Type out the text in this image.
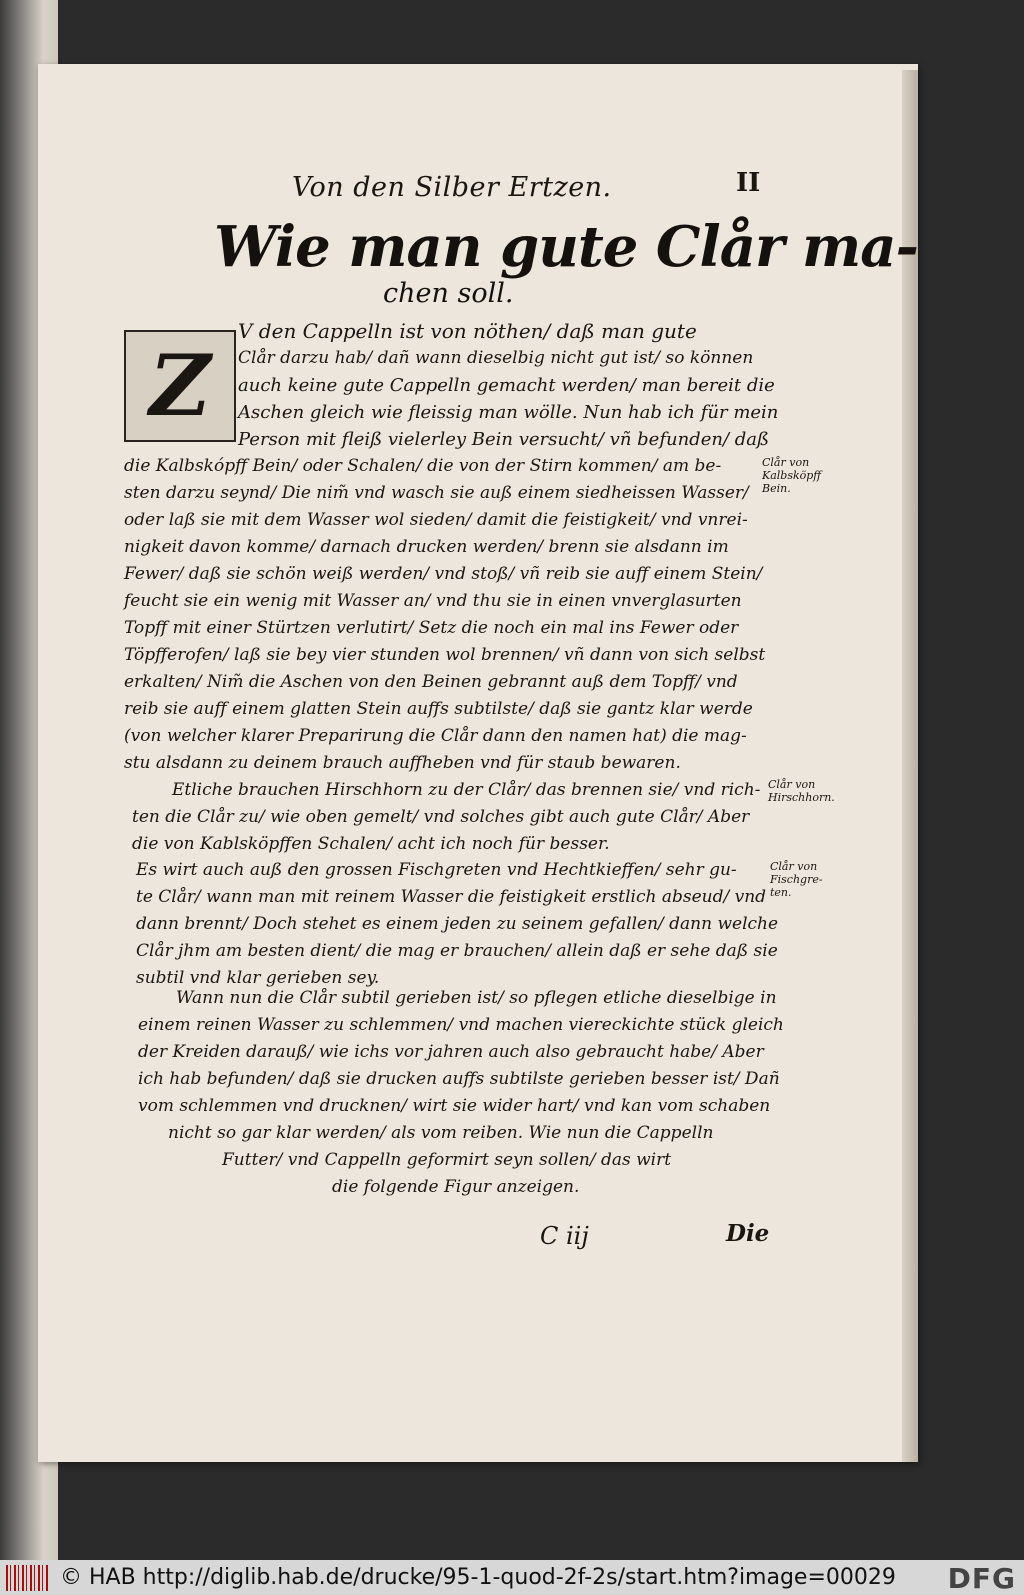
Von den Silber Ertzen.	II
Wie man gute Clår ma-
chen soll.
Z
V den Cappelln ist von nöthen/ daß man gute
Clår darzu hab/ dañ wann dieselbig nicht gut ist/ so können
auch keine gute Cappelln gemacht werden/ man bereit die
Aschen gleich wie fleissig man wölle. Nun hab ich für mein
Person mit fleiß vielerley Bein versucht/ vñ befunden/ daß
die Kalbskópff Bein/ oder Schalen/ die von der Stirn kommen/ am be-
sten darzu seynd/ Die nim̃ vnd wasch sie auß einem siedheissen Wasser/
oder laß sie mit dem Wasser wol sieden/ damit die feistigkeit/ vnd vnrei-
nigkeit davon komme/ darnach drucken werden/ brenn sie alsdann im
Fewer/ daß sie schön weiß werden/ vnd stoß/ vñ reib sie auff einem Stein/
feucht sie ein wenig mit Wasser an/ vnd thu sie in einen vnverglasurten
Topff mit einer Stürtzen verlutirt/ Setz die noch ein mal ins Fewer oder
Töpfferofen/ laß sie bey vier stunden wol brennen/ vñ dann von sich selbst
erkalten/ Nim̃ die Aschen von den Beinen gebrannt auß dem Topff/ vnd
reib sie auff einem glatten Stein auffs subtilste/ daß sie gantz klar werde
(von welcher klarer Preparirung die Clår dann den namen hat) die mag-
stu alsdann zu deinem brauch auffheben vnd für staub bewaren.
Etliche brauchen Hirschhorn zu der Clår/ das brennen sie/ vnd rich-
ten die Clår zu/ wie oben gemelt/ vnd solches gibt auch gute Clår/ Aber
die von Kablsköpffen Schalen/ acht ich noch für besser.
Es wirt auch auß den grossen Fischgreten vnd Hechtkieffen/ sehr gu-
te Clår/ wann man mit reinem Wasser die feistigkeit erstlich abseud/ vnd
dann brennt/ Doch stehet es einem jeden zu seinem gefallen/ dann welche
Clår jhm am besten dient/ die mag er brauchen/ allein daß er sehe daß sie
subtil vnd klar gerieben sey.
Wann nun die Clår subtil gerieben ist/ so pflegen etliche dieselbige in
einem reinen Wasser zu schlemmen/ vnd machen viereckichte stück gleich
der Kreiden darauß/ wie ichs vor jahren auch also gebraucht habe/ Aber
ich hab befunden/ daß sie drucken auffs subtilste gerieben besser ist/ Dañ
vom schlemmen vnd drucknen/ wirt sie wider hart/ vnd kan vom schaben
nicht so gar klar werden/ als vom reiben. Wie nun die Cappelln
Futter/ vnd Cappelln geformirt seyn sollen/ das wirt
die folgende Figur anzeigen.
Clår von
Kalbsköpff
Bein.
Clår von
Hirschhorn.
Clår von
Fischgre-
ten.
C iij	Die
© HAB http://diglib.hab.de/drucke/95-1-quod-2f-2s/start.htm?image=00029 DFG
